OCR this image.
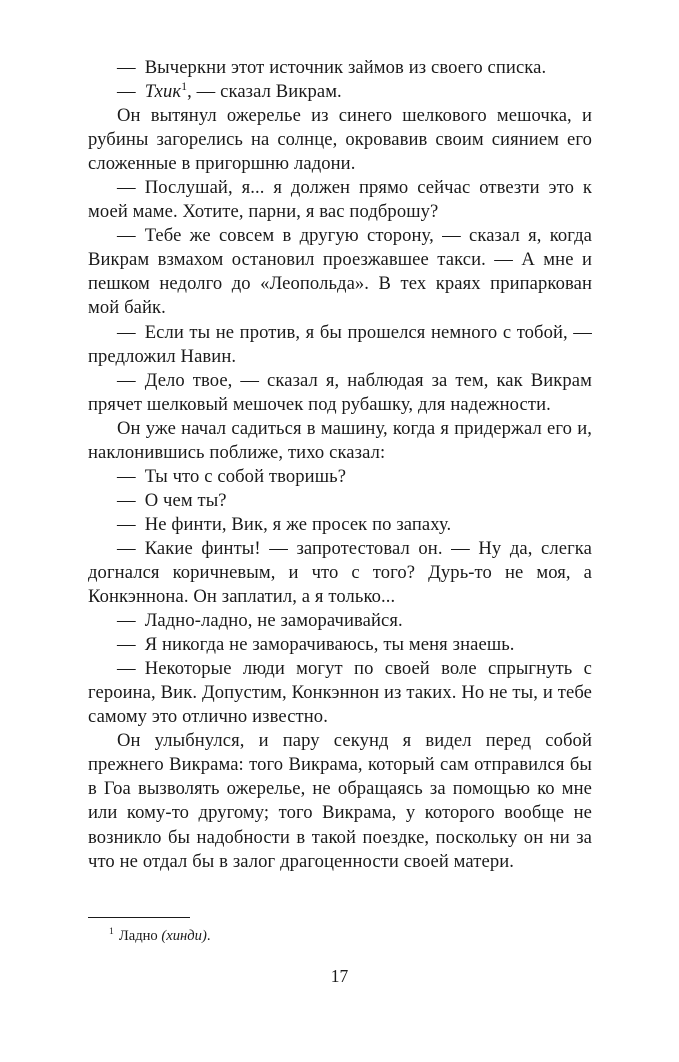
— Вычеркни этот источник займов из своего списка.

— Тхик$^1$, — сказал Викрам.

Он вытянул ожерелье из синего шелкового мешочка, и рубины загорелись на солнце, окровавив своим сиянием его сложенные в пригоршню ладони.

— Послушай, я... я должен прямо сейчас отвезти это к моей маме. Хотите, парни, я вас подброшу?

— Тебе же совсем в другую сторону, — сказал я, когда Викрам взмахом остановил проезжавшее такси. — А мне и пешком недолго до «Леопольда». В тех краях припаркован мой байк.

— Если ты не против, я бы прошелся немного с тобой, — предложил Навин.

— Дело твое, — сказал я, наблюдая за тем, как Викрам прячет шелковый мешочек под рубашку, для надежности.

Он уже начал садиться в машину, когда я придержал его и, наклонившись поближе, тихо сказал:

— Ты что с собой творишь?

— О чем ты?

— Не финти, Вик, я же просек по запаху.

— Какие финты! — запротестовал он. — Ну да, слегка догнался коричневым, и что с того? Дурь-то не моя, а Конкэннона. Он заплатил, а я только...

— Ладно-ладно, не заморачивайся.

— Я никогда не заморачиваюсь, ты меня знаешь.

— Некоторые люди могут по своей воле спрыгнуть с героина, Вик. Допустим, Конкэннон из таких. Но не ты, и тебе самому это отлично известно.

Он улыбнулся, и пару секунд я видел перед собой прежнего Викрама: того Викрама, который сам отправился бы в Гоа вызволять ожерелье, не обращаясь за помощью ко мне или кому-то другому; того Викрама, у которого вообще не возникло бы надобности в такой поездке, поскольку он ни за что не отдал бы в залог драгоценности своей матери.

$^1$ Ладно (хинди).

17
